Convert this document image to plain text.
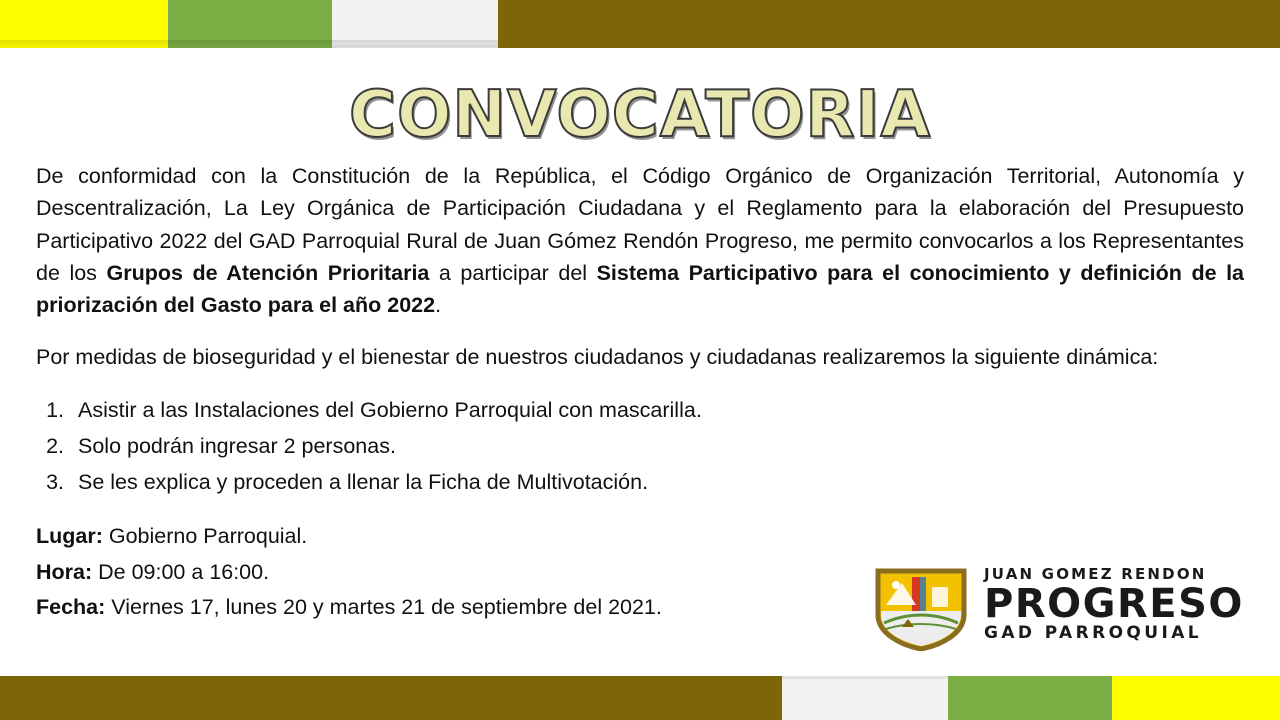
CONVOCATORIA

De conformidad con la Constitución de la República, el Código Orgánico de Organización Territorial, Autonomía y Descentralización, La Ley Orgánica de Participación Ciudadana y el Reglamento para la elaboración del Presupuesto Participativo 2022 del GAD Parroquial Rural de Juan Gómez Rendón Progreso, me permito convocarlos a los Representantes de los Grupos de Atención Prioritaria a participar del Sistema Participativo para el conocimiento y definición de la priorización del Gasto para el año 2022.

Por medidas de bioseguridad y el bienestar de nuestros ciudadanos y ciudadanas realizaremos la siguiente dinámica:

1. Asistir a las Instalaciones del Gobierno Parroquial con mascarilla.
2. Solo podrán ingresar 2 personas.
3. Se les explica y proceden a llenar la Ficha de Multivotación.
Lugar: Gobierno Parroquial.
Hora: De 09:00 a 16:00.
Fecha: Viernes 17, lunes 20 y martes 21 de septiembre del 2021.
JUAN GOMEZ RENDON
PROGRESO
GAD PARROQUIAL
